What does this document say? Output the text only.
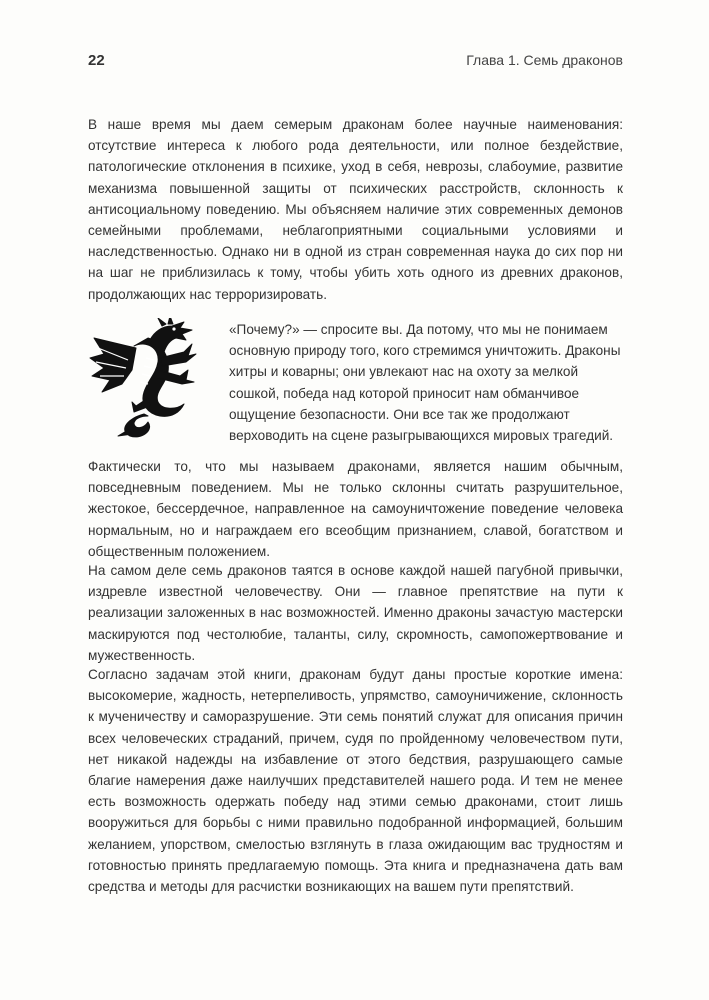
22	Глава 1. Семь драконов

В наше время мы даем семерым драконам более научные наименования: отсутствие интереса к любого рода деятельности, или полное бездействие, патологические отклонения в психике, уход в себя, неврозы, слабоумие, развитие механизма повышенной защиты от психических расстройств, склонность к антисоциальному поведению. Мы объясняем наличие этих современных демонов семейными проблемами, неблагоприятными социальными условиями и наследственностью. Однако ни в одной из стран современная наука до сих пор ни на шаг не приблизилась к тому, чтобы убить хоть одного из древних драконов, продолжающих нас терроризировать.

«Почему?» — спросите вы. Да потому, что мы не понимаем основную природу того, кого стремимся уничтожить. Драконы хитры и коварны; они увлекают нас на охоту за мелкой сошкой, победа над которой приносит нам обманчивое ощущение безопасности. Они все так же продолжают верховодить на сцене разыгрывающихся мировых трагедий.

Фактически то, что мы называем драконами, является нашим обычным, повседневным поведением. Мы не только склонны считать разрушительное, жестокое, бессердечное, направленное на самоуничтожение поведение человека нормальным, но и награждаем его всеобщим признанием, славой, богатством и общественным положением.

На самом деле семь драконов таятся в основе каждой нашей пагубной привычки, издревле известной человечеству. Они — главное препятствие на пути к реализации заложенных в нас возможностей. Именно драконы зачастую мастерски маскируются под честолюбие, таланты, силу, скромность, самопожертвование и мужественность.

Согласно задачам этой книги, драконам будут даны простые короткие имена: высокомерие, жадность, нетерпеливость, упрямство, самоуничижение, склонность к мученичеству и саморазрушение. Эти семь понятий служат для описания причин всех человеческих страданий, причем, судя по пройденному человечеством пути, нет никакой надежды на избавление от этого бедствия, разрушающего самые благие намерения даже наилучших представителей нашего рода. И тем не менее есть возможность одержать победу над этими семью драконами, стоит лишь вооружиться для борьбы с ними правильно подобранной информацией, большим желанием, упорством, смелостью взглянуть в глаза ожидающим вас трудностям и готовностью принять предлагаемую помощь. Эта книга и предназначена дать вам средства и методы для расчистки возникающих на вашем пути препятствий.
